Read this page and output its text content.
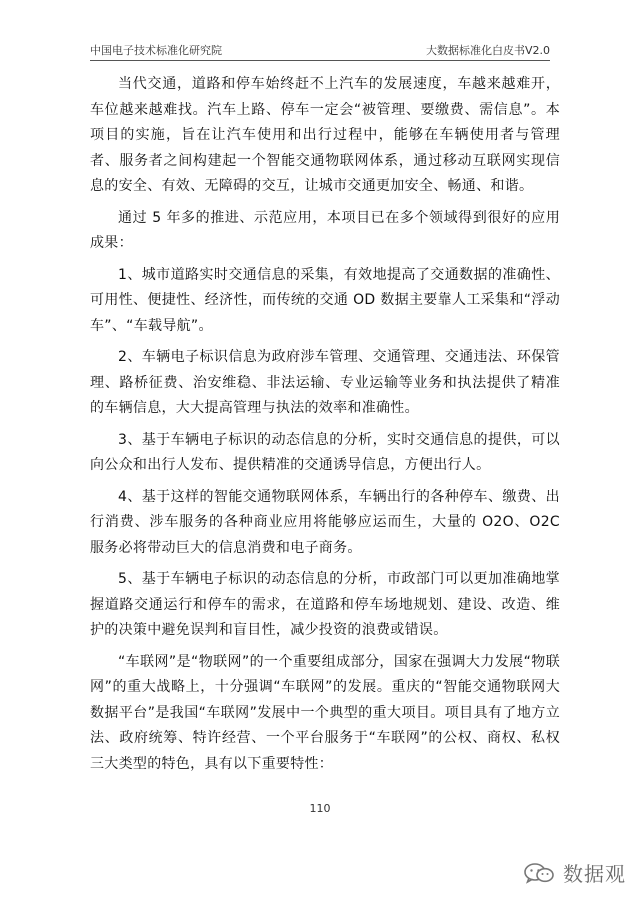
中国电子技术标准化研究院	大数据标准化白皮书V2.0

当代交通，道路和停车始终赶不上汽车的发展速度，车越来越难开，车位越来越难找。汽车上路、停车一定会“被管理、要缴费、需信息”。本项目的实施，旨在让汽车使用和出行过程中，能够在车辆使用者与管理者、服务者之间构建起一个智能交通物联网体系，通过移动互联网实现信息的安全、有效、无障碍的交互，让城市交通更加安全、畅通、和谐。

通过 5 年多的推进、示范应用，本项目已在多个领域得到很好的应用成果：

1、城市道路实时交通信息的采集，有效地提高了交通数据的准确性、可用性、便捷性、经济性，而传统的交通 OD 数据主要靠人工采集和“浮动车”、“车载导航”。

2、车辆电子标识信息为政府涉车管理、交通管理、交通违法、环保管理、路桥征费、治安维稳、非法运输、专业运输等业务和执法提供了精准的车辆信息，大大提高管理与执法的效率和准确性。

3、基于车辆电子标识的动态信息的分析，实时交通信息的提供，可以向公众和出行人发布、提供精准的交通诱导信息，方便出行人。

4、基于这样的智能交通物联网体系，车辆出行的各种停车、缴费、出行消费、涉车服务的各种商业应用将能够应运而生，大量的 O2O、O2C 服务必将带动巨大的信息消费和电子商务。

5、基于车辆电子标识的动态信息的分析，市政部门可以更加准确地掌握道路交通运行和停车的需求，在道路和停车场地规划、建设、改造、维护的决策中避免误判和盲目性，减少投资的浪费或错误。

“车联网”是“物联网”的一个重要组成部分，国家在强调大力发展“物联网”的重大战略上，十分强调“车联网”的发展。重庆的“智能交通物联网大数据平台”是我国“车联网”发展中一个典型的重大项目。项目具有了地方立法、政府统筹、特许经营、一个平台服务于“车联网”的公权、商权、私权三大类型的特色，具有以下重要特性：

110
数据观
